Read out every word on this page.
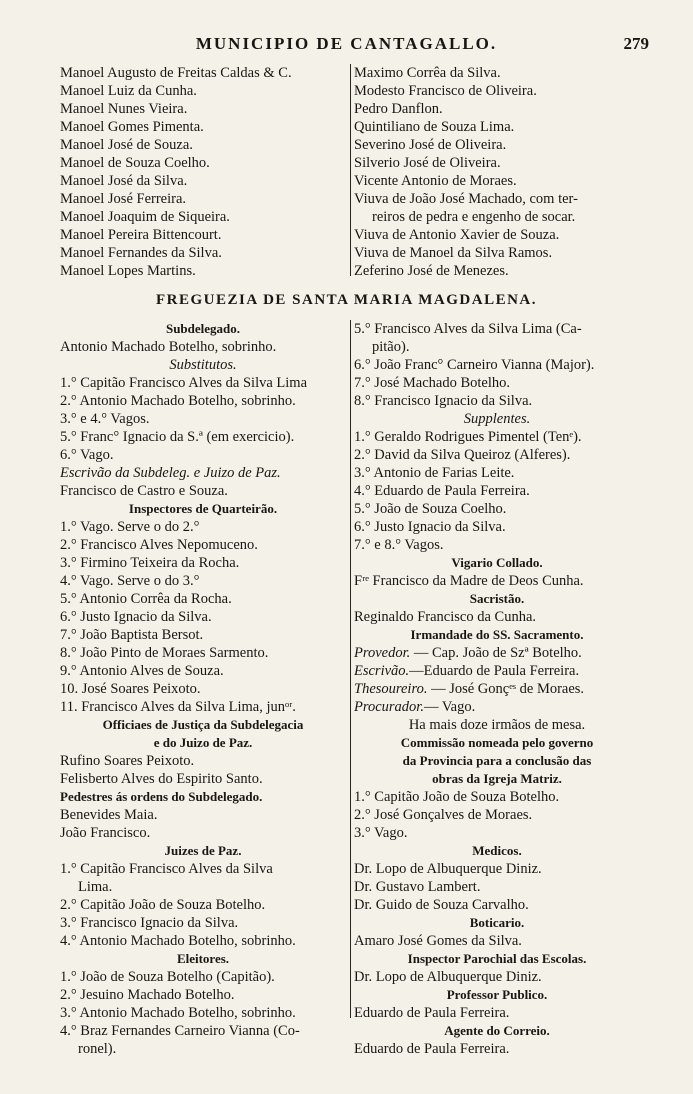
MUNICIPIO DE CANTAGALLO.	279
Manoel Augusto de Freitas Caldas & C.
Manoel Luiz da Cunha.
Manoel Nunes Vieira.
Manoel Gomes Pimenta.
Manoel José de Souza.
Manoel de Souza Coelho.
Manoel José da Silva.
Manoel José Ferreira.
Manoel Joaquim de Siqueira.
Manoel Pereira Bittencourt.
Manoel Fernandes da Silva.
Manoel Lopes Martins.
Maximo Corrêa da Silva.
Modesto Francisco de Oliveira.
Pedro Danflon.
Quintiliano de Souza Lima.
Severino José de Oliveira.
Silverio José de Oliveira.
Vicente Antonio de Moraes.
Viuva de João José Machado, com ter-
reiros de pedra e engenho de socar.
Viuva de Antonio Xavier de Souza.
Viuva de Manoel da Silva Ramos.
Zeferino José de Menezes.
FREGUEZIA DE SANTA MARIA MAGDALENA.
Subdelegado.
Antonio Machado Botelho, sobrinho.
Substitutos.
1.° Capitão Francisco Alves da Silva Lima
2.° Antonio Machado Botelho, sobrinho.
3.° e 4.° Vagos.
5.° Franc° Ignacio da S.ª (em exercicio).
6.° Vago.
Escrivão da Subdeleg. e Juizo de Paz.
Francisco de Castro e Souza.
Inspectores de Quarteirão.
1.° Vago. Serve o do 2.°
2.° Francisco Alves Nepomuceno.
3.° Firmino Teixeira da Rocha.
4.° Vago. Serve o do 3.°
5.° Antonio Corrêa da Rocha.
6.° Justo Ignacio da Silva.
7.° João Baptista Bersot.
8.° João Pinto de Moraes Sarmento.
9.° Antonio Alves de Souza.
10. José Soares Peixoto.
11. Francisco Alves da Silva Lima, junᵒʳ.
Officiaes de Justiça da Subdelegacia
e do Juizo de Paz.
Rufino Soares Peixoto.
Felisberto Alves do Espirito Santo.
Pedestres ás ordens do Subdelegado.
Benevides Maia.
João Francisco.
Juizes de Paz.
1.° Capitão Francisco Alves da Silva
Lima.
2.° Capitão João de Souza Botelho.
3.° Francisco Ignacio da Silva.
4.° Antonio Machado Botelho, sobrinho.
Eleitores.
1.° João de Souza Botelho (Capitão).
2.° Jesuino Machado Botelho.
3.° Antonio Machado Botelho, sobrinho.
4.° Braz Fernandes Carneiro Vianna (Co-
ronel).
5.° Francisco Alves da Silva Lima (Ca-
pitão).
6.° João Franc° Carneiro Vianna (Major).
7.° José Machado Botelho.
8.° Francisco Ignacio da Silva.
Supplentes.
1.° Geraldo Rodrigues Pimentel (Tenᵉ).
2.° David da Silva Queiroz (Alferes).
3.° Antonio de Farias Leite.
4.° Eduardo de Paula Ferreira.
5.° João de Souza Coelho.
6.° Justo Ignacio da Silva.
7.° e 8.° Vagos.
Vigario Collado.
Fʳᵉ Francisco da Madre de Deos Cunha.
Sacristão.
Reginaldo Francisco da Cunha.
Irmandade do SS. Sacramento.
Provedor. — Cap. João de Szª Botelho.
Escrivão.—Eduardo de Paula Ferreira.
Thesoureiro. — José Gonçᵉˢ de Moraes.
Procurador.— Vago.
Ha mais doze irmãos de mesa.
Commissão nomeada pelo governo
da Provincia para a conclusão das
obras da Igreja Matriz.
1.° Capitão João de Souza Botelho.
2.° José Gonçalves de Moraes.
3.° Vago.
Medicos.
Dr. Lopo de Albuquerque Diniz.
Dr. Gustavo Lambert.
Dr. Guido de Souza Carvalho.
Boticario.
Amaro José Gomes da Silva.
Inspector Parochial das Escolas.
Dr. Lopo de Albuquerque Diniz.
Professor Publico.
Eduardo de Paula Ferreira.
Agente do Correio.
Eduardo de Paula Ferreira.
